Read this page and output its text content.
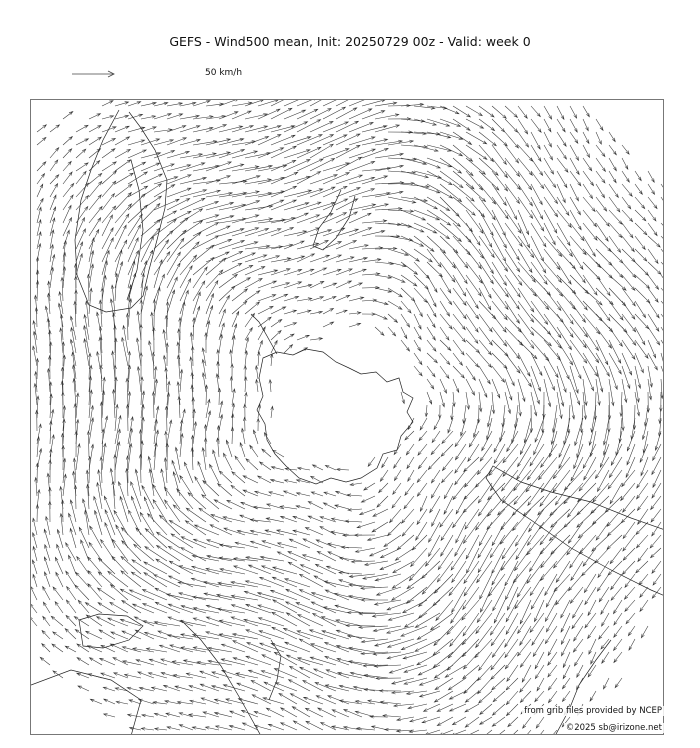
GEFS - Wind500 mean, Init: 20250729 00z - Valid: week 0
50 km/h
from grib files provided by NCEP
©2025 sb@irizone.net
